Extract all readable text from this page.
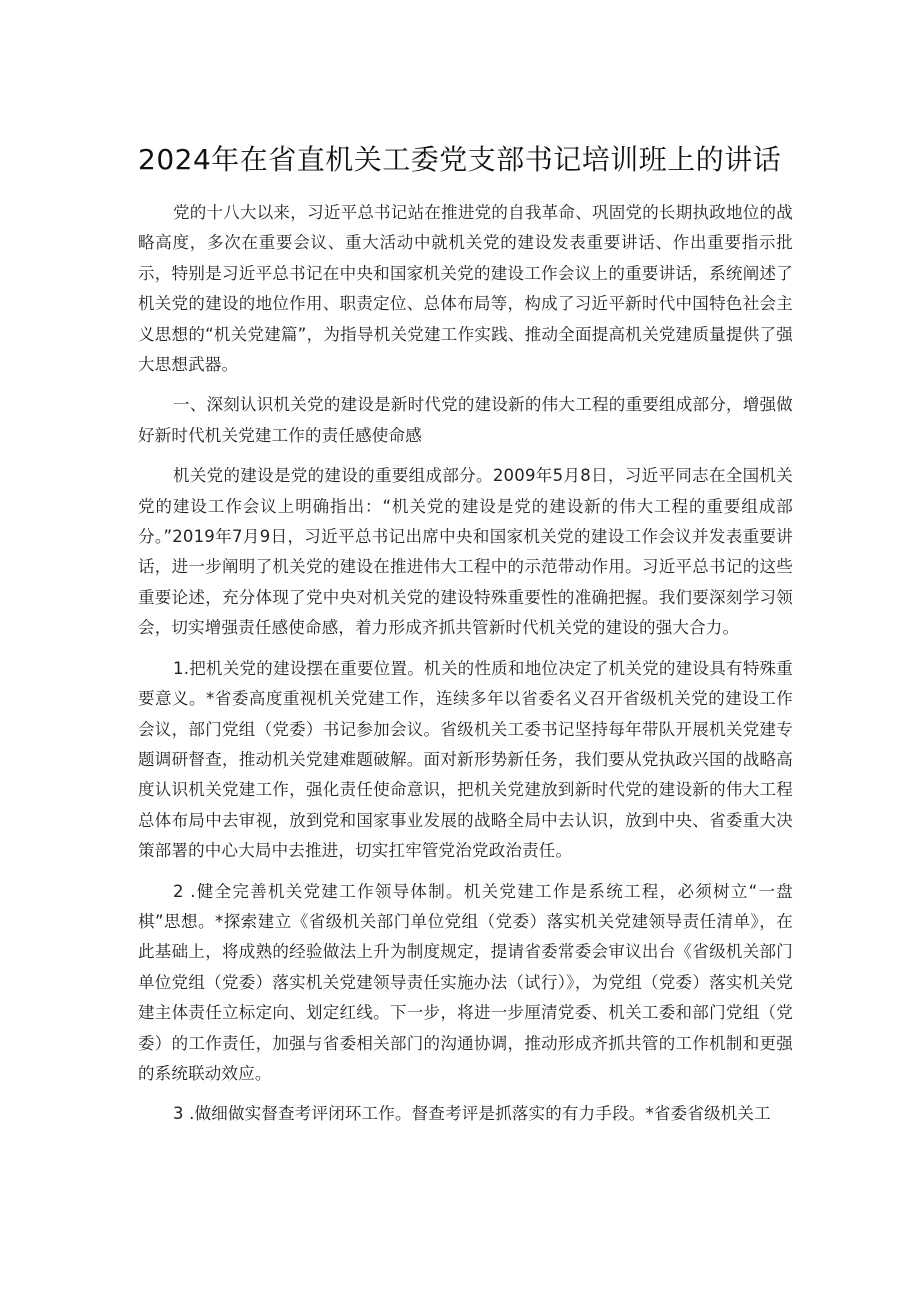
2024年在省直机关工委党支部书记培训班上的讲话

党的十八大以来，习近平总书记站在推进党的自我革命、巩固党的长期执政地位的战略高度，多次在重要会议、重大活动中就机关党的建设发表重要讲话、作出重要指示批示，特别是习近平总书记在中央和国家机关党的建设工作会议上的重要讲话，系统阐述了机关党的建设的地位作用、职责定位、总体布局等，构成了习近平新时代中国特色社会主义思想的“机关党建篇”，为指导机关党建工作实践、推动全面提高机关党建质量提供了强大思想武器。

一、深刻认识机关党的建设是新时代党的建设新的伟大工程的重要组成部分，增强做好新时代机关党建工作的责任感使命感

机关党的建设是党的建设的重要组成部分。2009年5月8日，习近平同志在全国机关党的建设工作会议上明确指出：“机关党的建设是党的建设新的伟大工程的重要组成部分。”2019年7月9日，习近平总书记出席中央和国家机关党的建设工作会议并发表重要讲话，进一步阐明了机关党的建设在推进伟大工程中的示范带动作用。习近平总书记的这些重要论述，充分体现了党中央对机关党的建设特殊重要性的准确把握。我们要深刻学习领会，切实增强责任感使命感，着力形成齐抓共管新时代机关党的建设的强大合力。

1.把机关党的建设摆在重要位置。机关的性质和地位决定了机关党的建设具有特殊重要意义。*省委高度重视机关党建工作，连续多年以省委名义召开省级机关党的建设工作会议，部门党组（党委）书记参加会议。省级机关工委书记坚持每年带队开展机关党建专题调研督查，推动机关党建难题破解。面对新形势新任务，我们要从党执政兴国的战略高度认识机关党建工作，强化责任使命意识，把机关党建放到新时代党的建设新的伟大工程总体布局中去审视，放到党和国家事业发展的战略全局中去认识，放到中央、省委重大决策部署的中心大局中去推进，切实扛牢管党治党政治责任。

2 .健全完善机关党建工作领导体制。机关党建工作是系统工程，必须树立“一盘棋”思想。*探索建立《省级机关部门单位党组（党委）落实机关党建领导责任清单》，在此基础上，将成熟的经验做法上升为制度规定，提请省委常委会审议出台《省级机关部门单位党组（党委）落实机关党建领导责任实施办法（试行）》，为党组（党委）落实机关党建主体责任立标定向、划定红线。下一步，将进一步厘清党委、机关工委和部门党组（党委）的工作责任，加强与省委相关部门的沟通协调，推动形成齐抓共管的工作机制和更强的系统联动效应。

3 .做细做实督查考评闭环工作。督查考评是抓落实的有力手段。*省委省级机关工
